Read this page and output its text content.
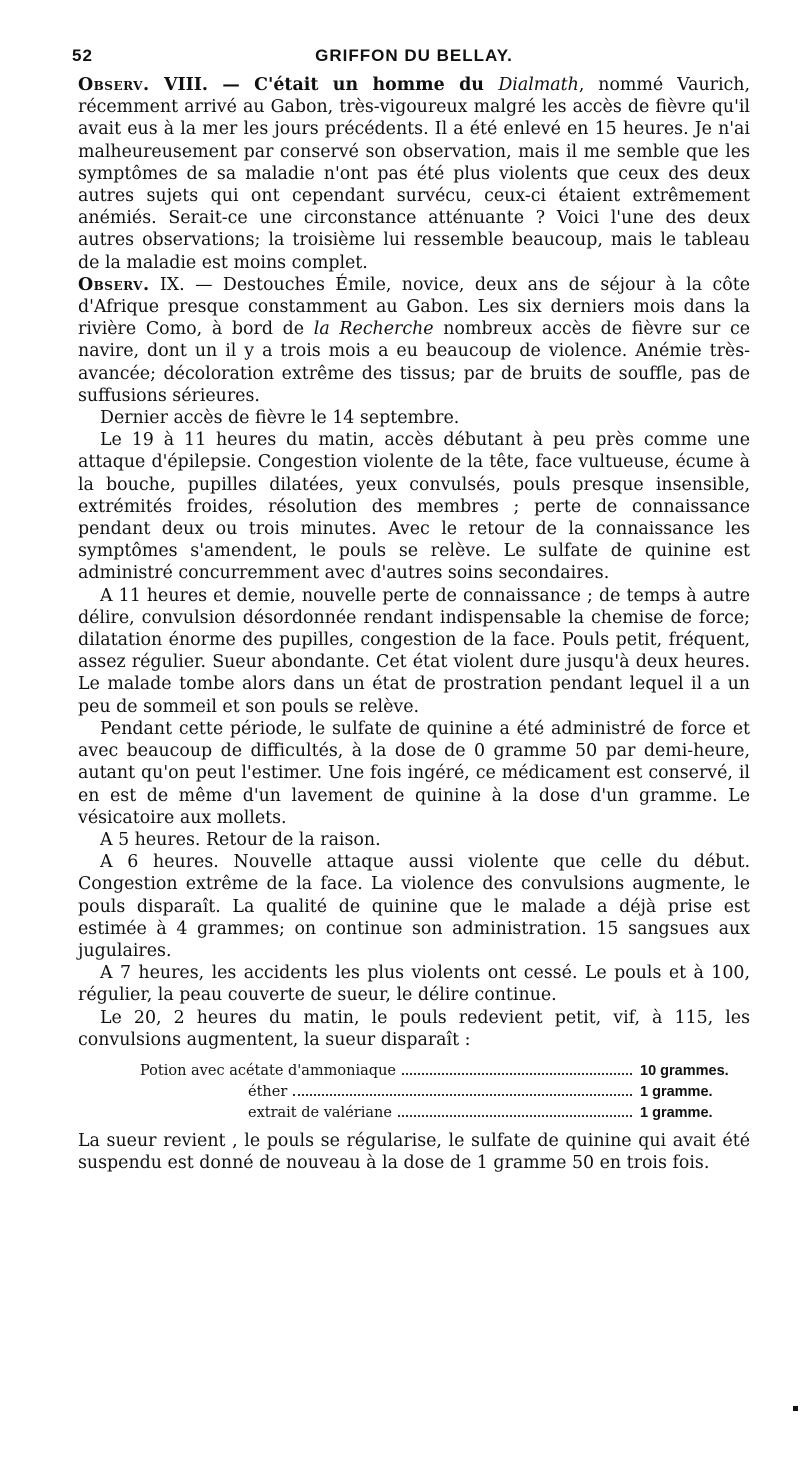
52	GRIFFON DU BELLAY.

Observ. VIII. — C'était un homme du Dialmath, nommé Vaurich, récemment arrivé au Gabon, très-vigoureux malgré les accès de fièvre qu'il avait eus à la mer les jours précédents. Il a été enlevé en 15 heures. Je n'ai malheureusement par conservé son observation, mais il me semble que les symptômes de sa maladie n'ont pas été plus violents que ceux des deux autres sujets qui ont cependant survécu, ceux-ci étaient extrêmement anémiés. Serait-ce une circonstance atténuante ? Voici l'une des deux autres observations; la troisième lui ressemble beaucoup, mais le tableau de la maladie est moins complet.

Observ. IX. — Destouches Émile, novice, deux ans de séjour à la côte d'Afrique presque constamment au Gabon. Les six derniers mois dans la rivière Como, à bord de la Recherche nombreux accès de fièvre sur ce navire, dont un il y a trois mois a eu beaucoup de violence. Anémie très-avancée; décoloration extrême des tissus; par de bruits de souffle, pas de suffusions sérieures.

Dernier accès de fièvre le 14 septembre.

Le 19 à 11 heures du matin, accès débutant à peu près comme une attaque d'épilepsie. Congestion violente de la tête, face vultueuse, écume à la bouche, pupilles dilatées, yeux convulsés, pouls presque insensible, extrémités froides, résolution des membres ; perte de connaissance pendant deux ou trois minutes. Avec le retour de la connaissance les symptômes s'amendent, le pouls se relève. Le sulfate de quinine est administré concurremment avec d'autres soins secondaires.

A 11 heures et demie, nouvelle perte de connaissance ; de temps à autre délire, convulsion désordonnée rendant indispensable la chemise de force; dilatation énorme des pupilles, congestion de la face. Pouls petit, fréquent, assez régulier. Sueur abondante. Cet état violent dure jusqu'à deux heures. Le malade tombe alors dans un état de prostration pendant lequel il a un peu de sommeil et son pouls se relève.

Pendant cette période, le sulfate de quinine a été administré de force et avec beaucoup de difficultés, à la dose de 0 gramme 50 par demi-heure, autant qu'on peut l'estimer. Une fois ingéré, ce médicament est conservé, il en est de même d'un lavement de quinine à la dose d'un gramme. Le vésicatoire aux mollets.

A 5 heures. Retour de la raison.

A 6 heures. Nouvelle attaque aussi violente que celle du début. Congestion extrême de la face. La violence des convulsions augmente, le pouls disparaît. La qualité de quinine que le malade a déjà prise est estimée à 4 grammes; on continue son administration. 15 sangsues aux jugulaires.

A 7 heures, les accidents les plus violents ont cessé. Le pouls et à 100, régulier, la peau couverte de sueur, le délire continue.

Le 20, 2 heures du matin, le pouls redevient petit, vif, à 115, les convulsions augmentent, la sueur disparaît :

Potion avec acétate d'ammoniaque	10 grammes.
éther	1 gramme.
extrait de valériane	1 gramme.

La sueur revient , le pouls se régularise, le sulfate de quinine qui avait été suspendu est donné de nouveau à la dose de 1 gramme 50 en trois fois.
